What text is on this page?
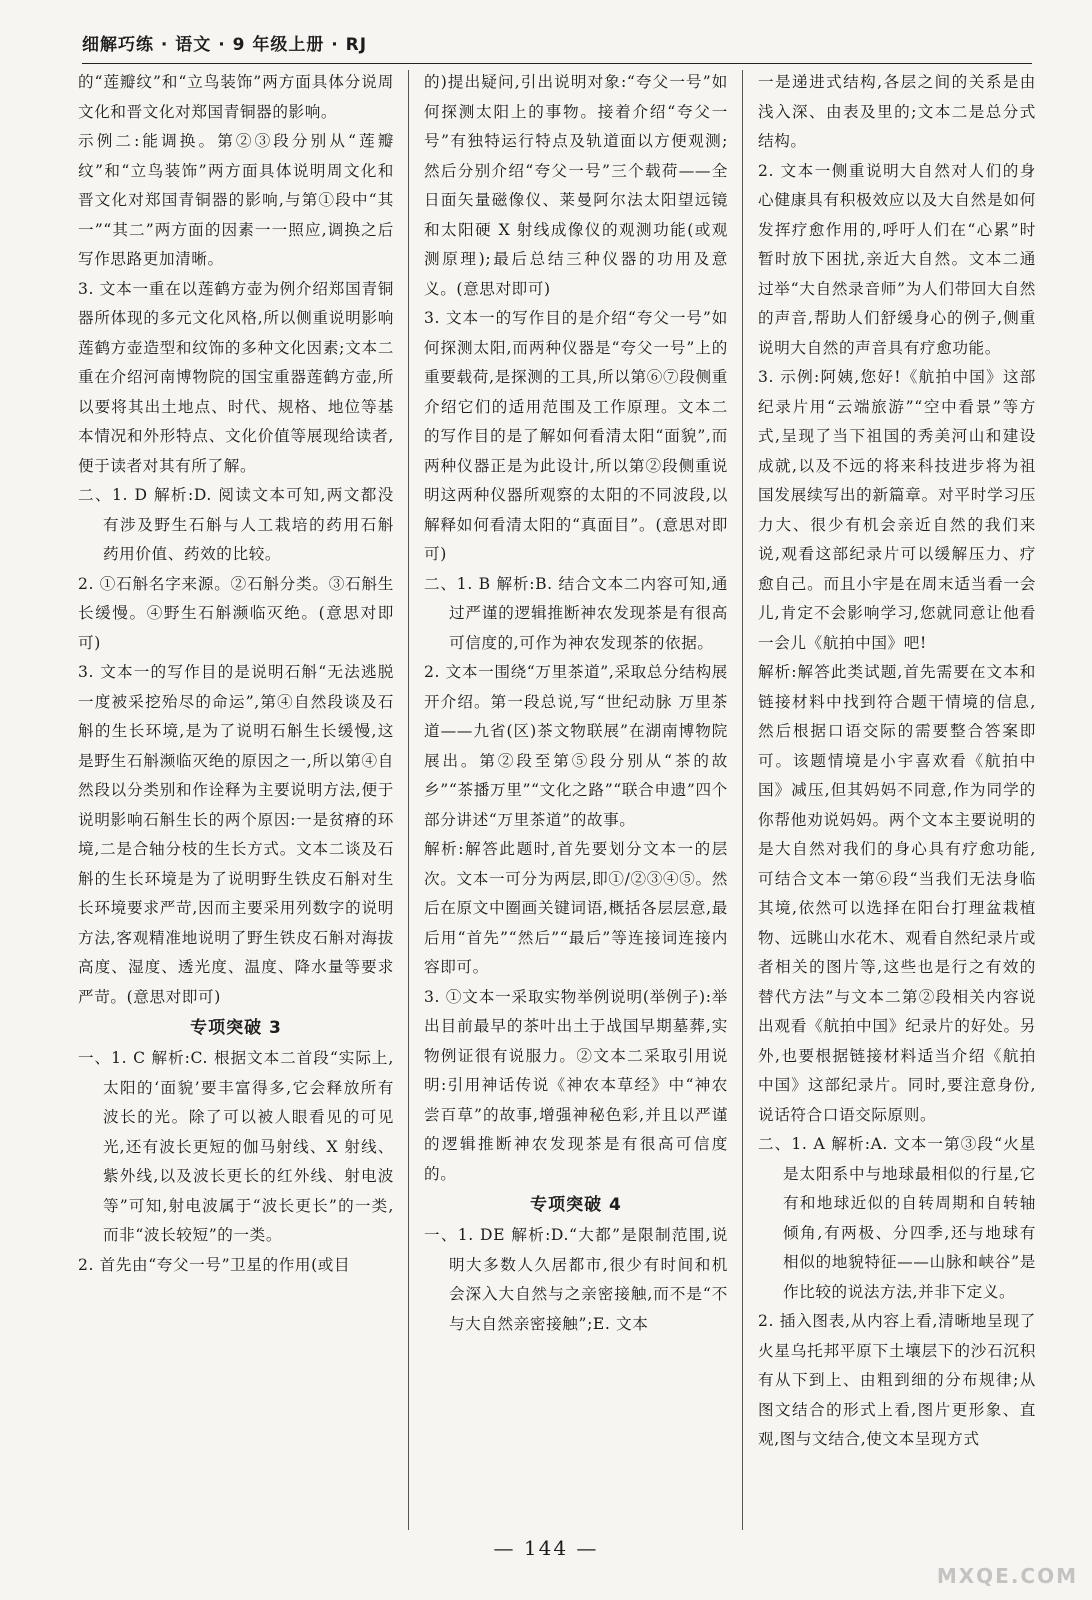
细解巧练 · 语文 · 9 年级上册 · RJ

的“莲瓣纹”和“立鸟装饰”两方面具体分说周文化和晋文化对郑国青铜器的影响。

示例二:能调换。第②③段分别从“莲瓣纹”和“立鸟装饰”两方面具体说明周文化和晋文化对郑国青铜器的影响,与第①段中“其一”“其二”两方面的因素一一照应,调换之后写作思路更加清晰。

3. 文本一重在以莲鹤方壶为例介绍郑国青铜器所体现的多元文化风格,所以侧重说明影响莲鹤方壶造型和纹饰的多种文化因素;文本二重在介绍河南博物院的国宝重器莲鹤方壶,所以要将其出土地点、时代、规格、地位等基本情况和外形特点、文化价值等展现给读者,便于读者对其有所了解。

二、1. D 解析:D. 阅读文本可知,两文都没有涉及野生石斛与人工栽培的药用石斛药用价值、药效的比较。

2. ①石斛名字来源。②石斛分类。③石斛生长缓慢。④野生石斛濒临灭绝。(意思对即可)

3. 文本一的写作目的是说明石斛“无法逃脱一度被采挖殆尽的命运”,第④自然段谈及石斛的生长环境,是为了说明石斛生长缓慢,这是野生石斛濒临灭绝的原因之一,所以第④自然段以分类别和作诠释为主要说明方法,便于说明影响石斛生长的两个原因:一是贫瘠的环境,二是合轴分枝的生长方式。文本二谈及石斛的生长环境是为了说明野生铁皮石斛对生长环境要求严苛,因而主要采用列数字的说明方法,客观精准地说明了野生铁皮石斛对海拔高度、湿度、透光度、温度、降水量等要求严苛。(意思对即可)

专项突破 3

一、1. C 解析:C. 根据文本二首段“实际上,太阳的‘面貌’要丰富得多,它会释放所有波长的光。除了可以被人眼看见的可见光,还有波长更短的伽马射线、X 射线、紫外线,以及波长更长的红外线、射电波等”可知,射电波属于“波长更长”的一类,而非“波长较短”的一类。

2. 首先由“夸父一号”卫星的作用(或目

的)提出疑问,引出说明对象:“夸父一号”如何探测太阳上的事物。接着介绍“夸父一号”有独特运行特点及轨道面以方便观测;然后分别介绍“夸父一号”三个载荷——全日面矢量磁像仪、莱曼阿尔法太阳望远镜和太阳硬 X 射线成像仪的观测功能(或观测原理);最后总结三种仪器的功用及意义。(意思对即可)

3. 文本一的写作目的是介绍“夸父一号”如何探测太阳,而两种仪器是“夸父一号”上的重要载荷,是探测的工具,所以第⑥⑦段侧重介绍它们的适用范围及工作原理。文本二的写作目的是了解如何看清太阳“面貌”,而两种仪器正是为此设计,所以第②段侧重说明这两种仪器所观察的太阳的不同波段,以解释如何看清太阳的“真面目”。(意思对即可)

二、1. B 解析:B. 结合文本二内容可知,通过严谨的逻辑推断神农发现茶是有很高可信度的,可作为神农发现茶的依据。

2. 文本一围绕“万里茶道”,采取总分结构展开介绍。第一段总说,写“世纪动脉 万里茶道——九省(区)茶文物联展”在湖南博物院展出。第②段至第⑤段分别从“茶的故乡”“茶播万里”“文化之路”“联合申遗”四个部分讲述“万里茶道”的故事。

解析:解答此题时,首先要划分文本一的层次。文本一可分为两层,即①/②③④⑤。然后在原文中圈画关键词语,概括各层层意,最后用“首先”“然后”“最后”等连接词连接内容即可。

3. ①文本一采取实物举例说明(举例子):举出目前最早的茶叶出土于战国早期墓葬,实物例证很有说服力。②文本二采取引用说明:引用神话传说《神农本草经》中“神农尝百草”的故事,增强神秘色彩,并且以严谨的逻辑推断神农发现茶是有很高可信度的。

专项突破 4

一、1. DE 解析:D.“大都”是限制范围,说明大多数人久居都市,很少有时间和机会深入大自然与之亲密接触,而不是“不与大自然亲密接触”;E. 文本

一是递进式结构,各层之间的关系是由浅入深、由表及里的;文本二是总分式结构。

2. 文本一侧重说明大自然对人们的身心健康具有积极效应以及大自然是如何发挥疗愈作用的,呼吁人们在“心累”时暂时放下困扰,亲近大自然。文本二通过举“大自然录音师”为人们带回大自然的声音,帮助人们舒缓身心的例子,侧重说明大自然的声音具有疗愈功能。

3. 示例:阿姨,您好!《航拍中国》这部纪录片用“云端旅游”“空中看景”等方式,呈现了当下祖国的秀美河山和建设成就,以及不远的将来科技进步将为祖国发展续写出的新篇章。对平时学习压力大、很少有机会亲近自然的我们来说,观看这部纪录片可以缓解压力、疗愈自己。而且小宇是在周末适当看一会儿,肯定不会影响学习,您就同意让他看一会儿《航拍中国》吧!

解析:解答此类试题,首先需要在文本和链接材料中找到符合题干情境的信息,然后根据口语交际的需要整合答案即可。该题情境是小宇喜欢看《航拍中国》减压,但其妈妈不同意,作为同学的你帮他劝说妈妈。两个文本主要说明的是大自然对我们的身心具有疗愈功能,可结合文本一第⑥段“当我们无法身临其境,依然可以选择在阳台打理盆栽植物、远眺山水花木、观看自然纪录片或者相关的图片等,这些也是行之有效的替代方法”与文本二第②段相关内容说出观看《航拍中国》纪录片的好处。另外,也要根据链接材料适当介绍《航拍中国》这部纪录片。同时,要注意身份,说话符合口语交际原则。

二、1. A 解析:A. 文本一第③段“火星是太阳系中与地球最相似的行星,它有和地球近似的自转周期和自转轴倾角,有两极、分四季,还与地球有相似的地貌特征——山脉和峡谷”是作比较的说法方法,并非下定义。

2. 插入图表,从内容上看,清晰地呈现了火星乌托邦平原下土壤层下的沙石沉积有从下到上、由粗到细的分布规律;从图文结合的形式上看,图片更形象、直观,图与文结合,使文本呈现方式

— 144 —
MXQE.COM
